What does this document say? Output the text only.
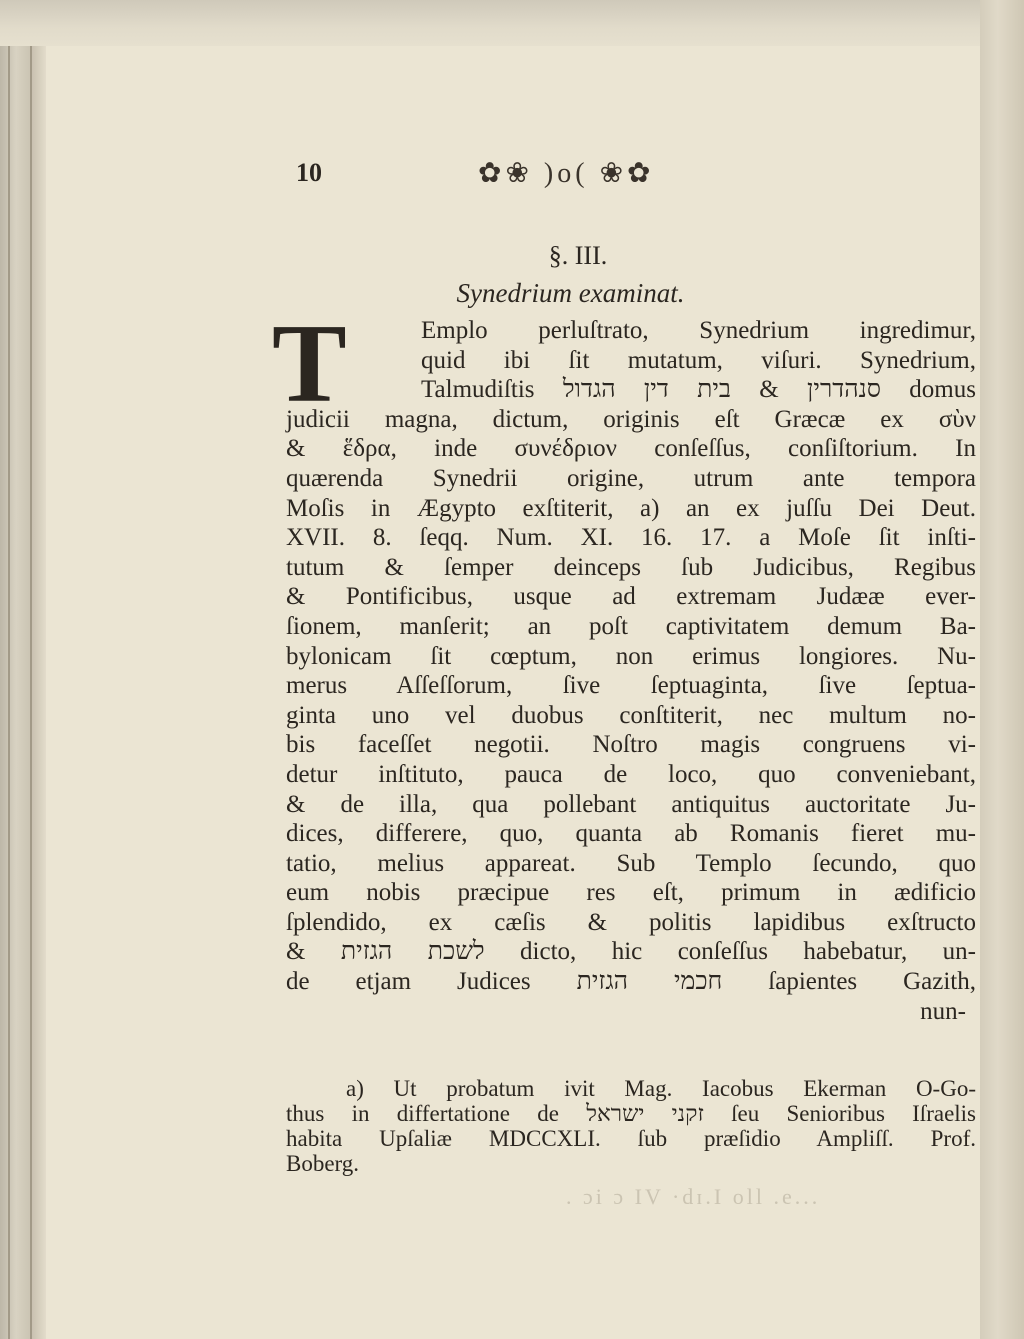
10	✿❀ )o( ❀✿
§. III.
Synedrium examinat.
T	Emplo perluſtrato, Synedrium ingredimur,
quid ibi ſit mutatum, viſuri. Synedrium,
Talmudiſtis סנהדרין & בית דין הגדול domus
judicii magna, dictum, originis eſt Græcæ ex σὺν
& ἕδρα, inde συνέδριον conſeſſus, conſiſtorium. In
quærenda Synedrii origine, utrum ante tempora
Moſis in Ægypto exſtiterit, a) an ex juſſu Dei Deut.
XVII. 8. ſeqq. Num. XI. 16. 17. a Moſe ſit inſti-
tutum & ſemper deinceps ſub Judicibus, Regibus
& Pontificibus, usque ad extremam Judææ ever-
ſionem, manſerit; an poſt captivitatem demum Ba-
bylonicam ſit cœptum, non erimus longiores. Nu-
merus Aſſeſſorum, ſive ſeptuaginta, ſive ſeptua-
ginta uno vel duobus conſtiterit, nec multum no-
bis faceſſet negotii. Noſtro magis congruens vi-
detur inſtituto, pauca de loco, quo conveniebant,
& de illa, qua pollebant antiquitus auctoritate Ju-
dices, differere, quo, quanta ab Romanis fieret mu-
tatio, melius appareat. Sub Templo ſecundo, quo
eum nobis præcipue res eſt, primum in ædificio
ſplendido, ex cæſis & politis lapidibus exſtructo
& לשכת הגזית dicto, hic conſeſſus habebatur, un-
de etjam Judices חכמי הגזית ſapientes Gazith,
nun-
a) Ut probatum ivit Mag. Iacobus Ekerman O-Go-
thus in differtatione de זקני ישראל ſeu Senioribus Iſraelis
habita Upſaliæ MDCCXLI. ſub præſidio Ampliſſ. Prof.
Boberg.
. ɔi ɔ IV ·dɪ.I oll .e...
